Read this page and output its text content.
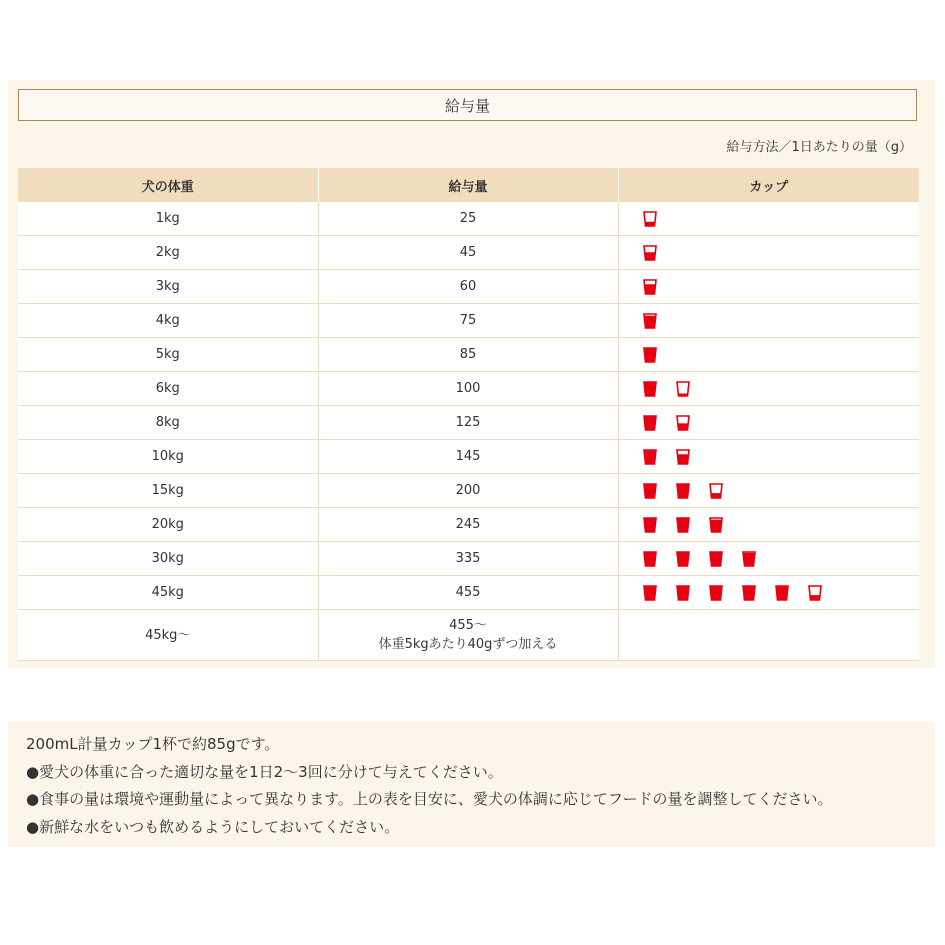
給与量
給与方法／1日あたりの量（g）
犬の体重	給与量	カップ
1kg	25	

2kg	45	

3kg	60	

4kg	75	

5kg	85	

6kg	100	

8kg	125	

10kg	145	

15kg	200	

20kg	245	

30kg	335	

45kg	455	

45kg〜	455〜
体重5kgあたり40gずつ加える	

200mL計量カップ1杯で約85gです。
●愛犬の体重に合った適切な量を1日2〜3回に分けて与えてください。
●食事の量は環境や運動量によって異なります。上の表を目安に、愛犬の体調に応じてフードの量を調整してください。
●新鮮な水をいつも飲めるようにしておいてください。
